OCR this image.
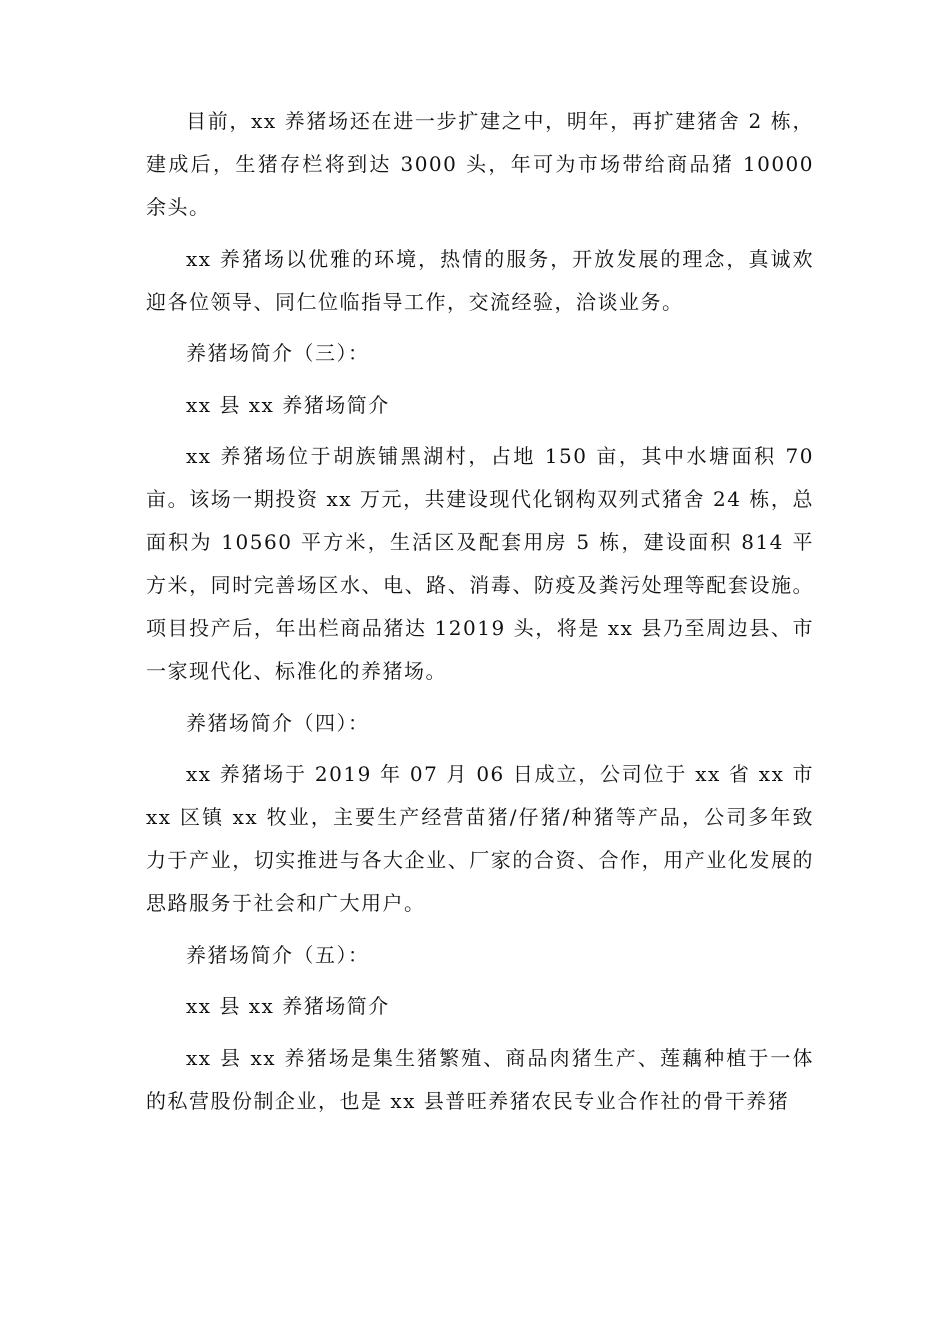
目前，xx 养猪场还在进一步扩建之中，明年，再扩建猪舍 2 栋，建成后，生猪存栏将到达 3000 头，年可为市场带给商品猪 10000 余头。

xx 养猪场以优雅的环境，热情的服务，开放发展的理念，真诚欢迎各位领导、同仁位临指导工作，交流经验，洽谈业务。

养猪场简介（三）：

xx 县 xx 养猪场简介

xx 养猪场位于胡族铺黑湖村，占地 150 亩，其中水塘面积 70 亩。该场一期投资 xx 万元，共建设现代化钢构双列式猪舍 24 栋，总面积为 10560 平方米，生活区及配套用房 5 栋，建设面积 814 平方米，同时完善场区水、电、路、消毒、防疫及粪污处理等配套设施。项目投产后，年出栏商品猪达 12019 头，将是 xx 县乃至周边县、市一家现代化、标准化的养猪场。

养猪场简介（四）：

xx 养猪场于 2019 年 07 月 06 日成立，公司位于 xx 省 xx 市 xx 区镇 xx 牧业，主要生产经营苗猪/仔猪/种猪等产品，公司多年致力于产业，切实推进与各大企业、厂家的合资、合作，用产业化发展的思路服务于社会和广大用户。

养猪场简介（五）：

xx 县 xx 养猪场简介

xx 县 xx 养猪场是集生猪繁殖、商品肉猪生产、莲藕种植于一体的私营股份制企业，也是 xx 县普旺养猪农民专业合作社的骨干养猪
